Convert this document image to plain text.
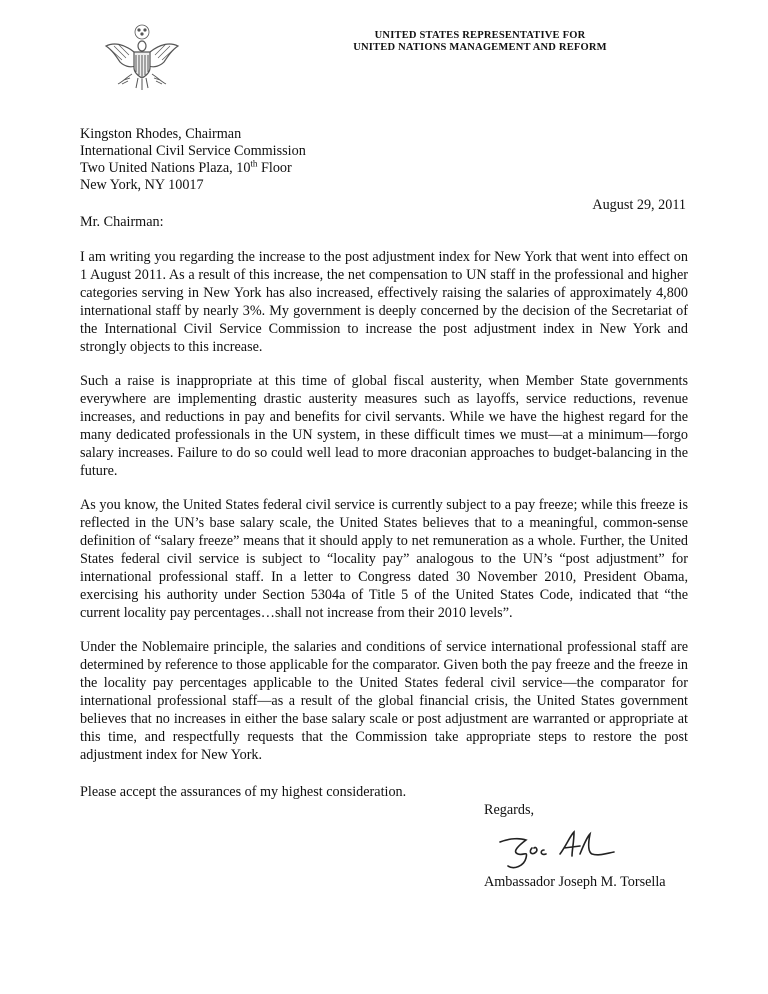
UNITED STATES REPRESENTATIVE FOR
UNITED NATIONS MANAGEMENT AND REFORM
Kingston Rhodes, Chairman
International Civil Service Commission
Two United Nations Plaza, 10th Floor
New York, NY 10017
August 29, 2011
Mr. Chairman:

I am writing you regarding the increase to the post adjustment index for New York that went into effect on 1 August 2011. As a result of this increase, the net compensation to UN staff in the professional and higher categories serving in New York has also increased, effectively raising the salaries of approximately 4,800 international staff by nearly 3%. My government is deeply concerned by the decision of the Secretariat of the International Civil Service Commission to increase the post adjustment index in New York and strongly objects to this increase.

Such a raise is inappropriate at this time of global fiscal austerity, when Member State governments everywhere are implementing drastic austerity measures such as layoffs, service reductions, revenue increases, and reductions in pay and benefits for civil servants. While we have the highest regard for the many dedicated professionals in the UN system, in these difficult times we must—at a minimum—forgo salary increases. Failure to do so could well lead to more draconian approaches to budget-balancing in the future.

As you know, the United States federal civil service is currently subject to a pay freeze; while this freeze is reflected in the UN’s base salary scale, the United States believes that to a meaningful, common-sense definition of “salary freeze” means that it should apply to net remuneration as a whole. Further, the United States federal civil service is subject to “locality pay” analogous to the UN’s “post adjustment” for international professional staff. In a letter to Congress dated 30 November 2010, President Obama, exercising his authority under Section 5304a of Title 5 of the United States Code, indicated that “the current locality pay percentages…shall not increase from their 2010 levels”.

Under the Noblemaire principle, the salaries and conditions of service international professional staff are determined by reference to those applicable for the comparator. Given both the pay freeze and the freeze in the locality pay percentages applicable to the United States federal civil service—the comparator for international professional staff—as a result of the global financial crisis, the United States government believes that no increases in either the base salary scale or post adjustment are warranted or appropriate at this time, and respectfully requests that the Commission take appropriate steps to restore the post adjustment index for New York.

Please accept the assurances of my highest consideration.
Regards,
Ambassador Joseph M. Torsella
